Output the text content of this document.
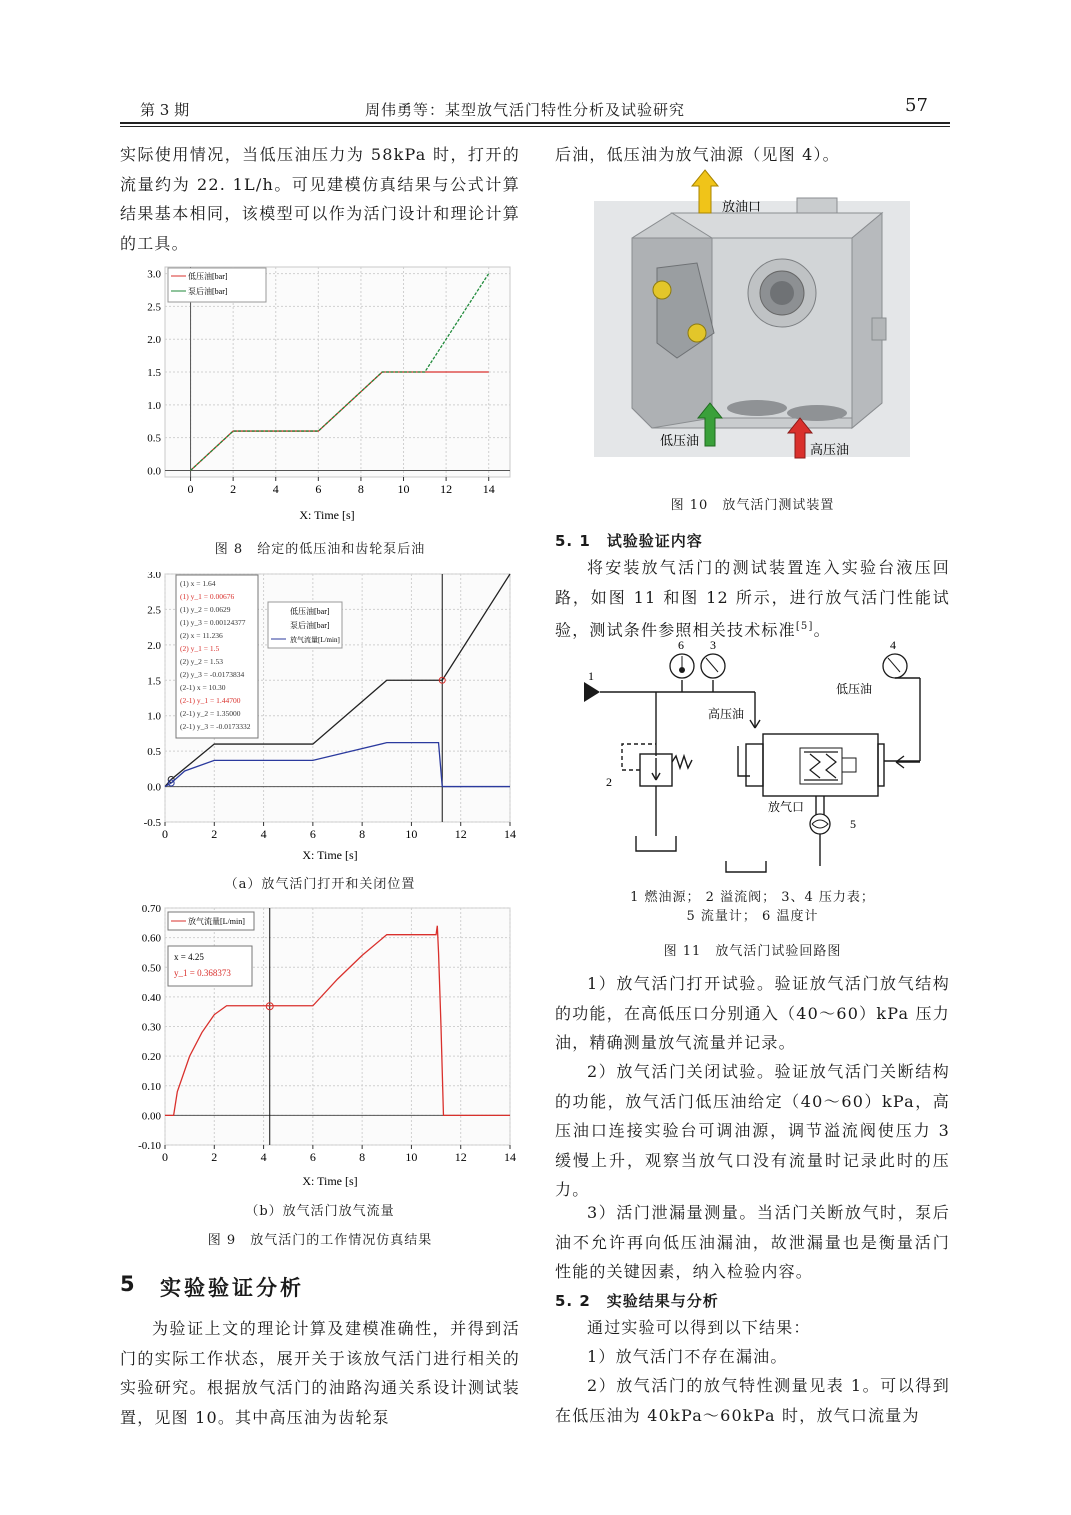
第 3 期	周伟勇等：某型放气活门特性分析及试验研究	57
实际使用情况，当低压油压力为 58kPa 时，打开的流量约为 22. 1L/h。可见建模仿真结果与公式计算结果基本相同，该模型可以作为活门设计和理论计算的工具。
0	2	4	6	8	10	12	14
0.0
0.5
1.0
1.5
2.0
2.5
3.0	低压油[bar]
泵后油[bar]
X: Time [s]
图 8　给定的低压油和齿轮泵后油
0	2	4	6	8	10	12	14
-0.5
0.0
0.5
1.0
1.5
2.0
2.5
3.0
(1) x = 1.64
(1) y_1 = 0.00676
(1) y_2 = 0.0629
(1) y_3 = 0.00124377
(2) x = 11.236
(2) y_1 = 1.5
(2) y_2 = 1.53
(2) y_3 = -0.0173834
(2-1) x = 10.30
(2-1) y_1 = 1.44700
(2-1) y_2 = 1.35000
(2-1) y_3 = -0.0173332
低压油[bar]
泵后油[bar]
放气流量[L/min]
X: Time [s]
（a）放气活门打开和关闭位置
0	2	4	6	8	10	12	14
-0.10
0.00
0.10
0.20
0.30
0.40
0.50
0.60
0.70
放气流量[L/min]
x = 4.25
y_1 = 0.368373
X: Time [s]
（b）放气活门放气流量
图 9　放气活门的工作情况仿真结果
5 实验验证分析
为验证上文的理论计算及建模准确性，并得到活门的实际工作状态，展开关于该放气活门进行相关的实验研究。根据放气活门的油路沟通关系设计测试装置，见图 10。其中高压油为齿轮泵
后油，低压油为放气油源（见图 4）。
放油口
低压油
高压油
图 10　放气活门测试装置
5. 1　试验验证内容
将安装放气活门的测试装置连入实验台液压回路，如图 11 和图 12 所示，进行放气活门性能试验，测试条件参照相关技术标准[5]。
6 3	4
1
2
5
低压油
高压油
放气口
1 燃油源； 2 溢流阀； 3、4 压力表；
5 流量计； 6 温度计
图 11　放气活门试验回路图
1）放气活门打开试验。验证放气活门放气结构的功能，在高低压口分别通入（40～60）kPa 压力油，精确测量放气流量并记录。
2）放气活门关闭试验。验证放气活门关断结构的功能，放气活门低压油给定（40～60）kPa，高压油口连接实验台可调油源，调节溢流阀使压力 3 缓慢上升，观察当放气口没有流量时记录此时的压力。
3）活门泄漏量测量。当活门关断放气时，泵后油不允许再向低压油漏油，故泄漏量也是衡量活门性能的关键因素，纳入检验内容。
5. 2　实验结果与分析
通过实验可以得到以下结果：
1）放气活门不存在漏油。
2）放气活门的放气特性测量见表 1。可以得到在低压油为 40kPa～60kPa 时，放气口流量为
